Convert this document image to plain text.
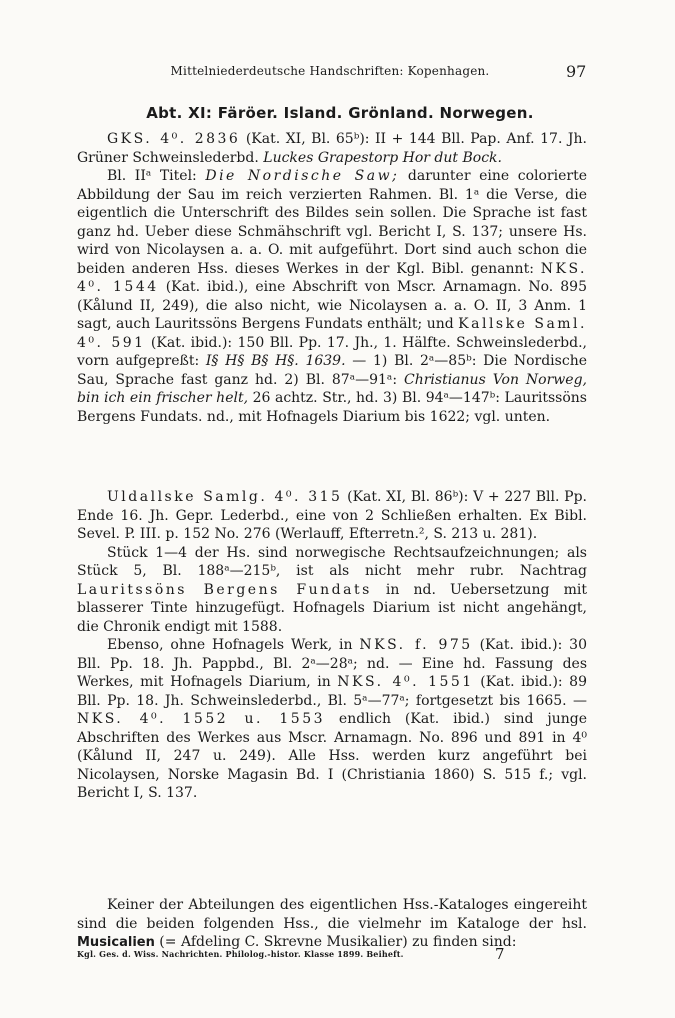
Mittelniederdeutsche Handschriften: Kopenhagen.	97
Abt. XI: Färöer. Island. Grönland. Norwegen.

GKS. 4⁰. 2836 (Kat. XI, Bl. 65ᵇ): II + 144 Bll. Pap. Anf. 17. Jh. Grüner Schweinslederbd. Luckes Grapestorp Hor dut Bock.

Bl. IIᵃ Titel: Die Nordische Saw; darunter eine colorierte Abbildung der Sau im reich verzierten Rahmen. Bl. 1ᵃ die Verse, die eigentlich die Unterschrift des Bildes sein sollen. Die Sprache ist fast ganz hd. Ueber diese Schmähschrift vgl. Bericht I, S. 137; unsere Hs. wird von Nicolaysen a. a. O. mit aufgeführt. Dort sind auch schon die beiden anderen Hss. dieses Werkes in der Kgl. Bibl. genannt: NKS. 4⁰. 1544 (Kat. ibid.), eine Abschrift von Mscr. Arnamagn. No. 895 (Kålund II, 249), die also nicht, wie Nicolaysen a. a. O. II, 3 Anm. 1 sagt, auch Lauritssöns Bergens Fundats enthält; und Kallske Saml. 4⁰. 591 (Kat. ibid.): 150 Bll. Pp. 17. Jh., 1. Hälfte. Schweinslederbd., vorn aufgepreßt: I§ H§ B§ H§. 1639. — 1) Bl. 2ᵃ—85ᵇ: Die Nordische Sau, Sprache fast ganz hd. 2) Bl. 87ᵃ—91ᵃ: Christianus Von Norweg, bin ich ein frischer helt, 26 achtz. Str., hd. 3) Bl. 94ᵃ—147ᵇ: Lauritssöns Bergens Fundats. nd., mit Hofnagels Diarium bis 1622; vgl. unten.

Uldallske Samlg. 4⁰. 315 (Kat. XI, Bl. 86ᵇ): V + 227 Bll. Pp. Ende 16. Jh. Gepr. Lederbd., eine von 2 Schließen erhalten. Ex Bibl. Sevel. P. III. p. 152 No. 276 (Werlauff, Efterretn.², S. 213 u. 281).

Stück 1—4 der Hs. sind norwegische Rechtsaufzeichnungen; als Stück 5, Bl. 188ᵃ—215ᵇ, ist als nicht mehr rubr. Nachtrag Lauritssöns Bergens Fundats in nd. Uebersetzung mit blasserer Tinte hinzugefügt. Hofnagels Diarium ist nicht angehängt, die Chronik endigt mit 1588.

Ebenso, ohne Hofnagels Werk, in NKS. f. 975 (Kat. ibid.): 30 Bll. Pp. 18. Jh. Pappbd., Bl. 2ᵃ—28ᵃ; nd. — Eine hd. Fassung des Werkes, mit Hofnagels Diarium, in NKS. 4⁰. 1551 (Kat. ibid.): 89 Bll. Pp. 18. Jh. Schweinslederbd., Bl. 5ᵃ—77ᵃ; fortgesetzt bis 1665. — NKS. 4⁰. 1552 u. 1553 endlich (Kat. ibid.) sind junge Abschriften des Werkes aus Mscr. Arnamagn. No. 896 und 891 in 4⁰ (Kålund II, 247 u. 249). Alle Hss. werden kurz angeführt bei Nicolaysen, Norske Magasin Bd. I (Christiania 1860) S. 515 f.; vgl. Bericht I, S. 137.

Keiner der Abteilungen des eigentlichen Hss.-Kataloges eingereiht sind die beiden folgenden Hss., die vielmehr im Kataloge der hsl. Musicalien (= Afdeling C. Skrevne Musikalier) zu finden sind:

Kgl. Ges. d. Wiss. Nachrichten. Philolog.-histor. Klasse 1899. Beiheft.	7
